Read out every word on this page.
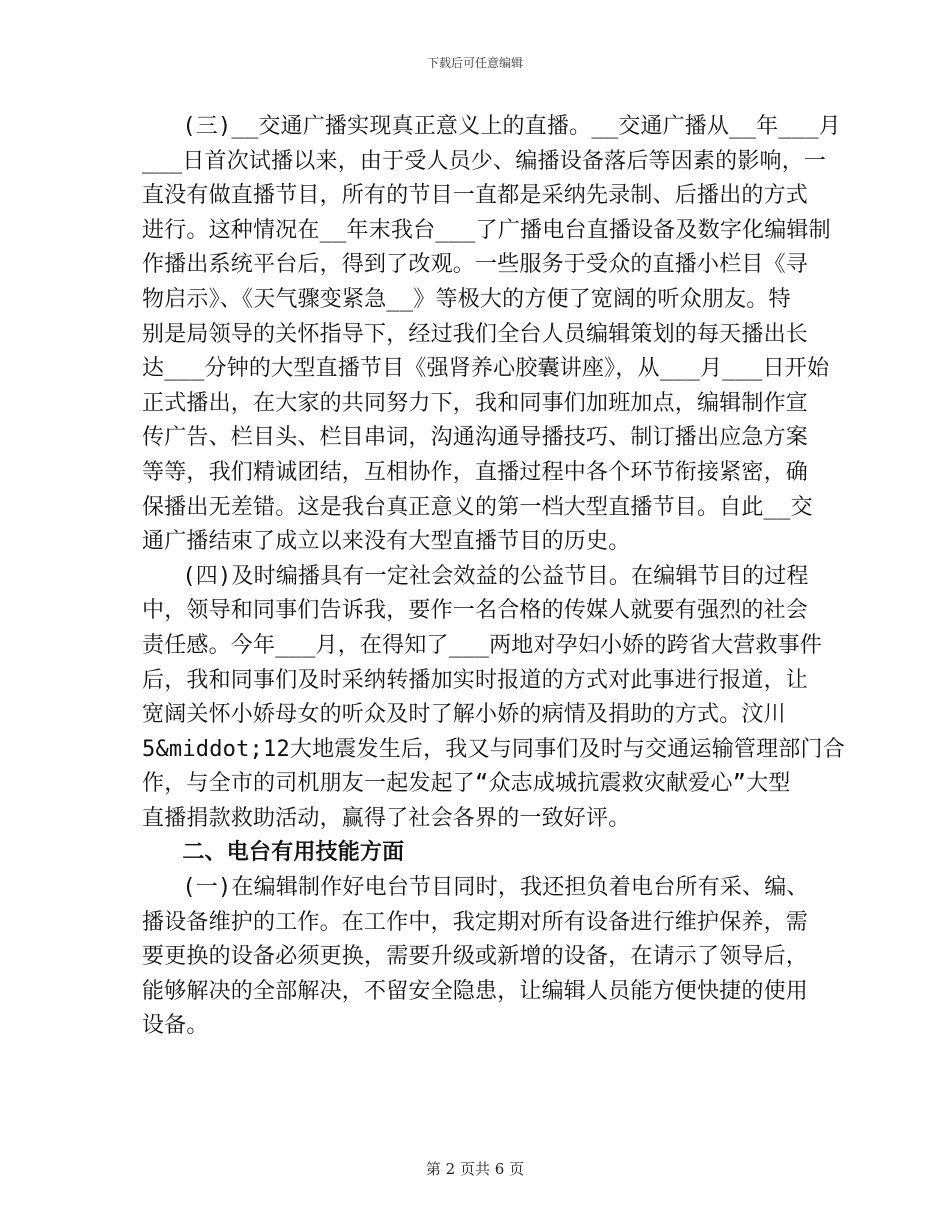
下载后可任意编辑
(三)__交通广播实现真正意义上的直播。__交通广播从__年___月
___日首次试播以来，由于受人员少、编播设备落后等因素的影响，一
直没有做直播节目，所有的节目一直都是采纳先录制、后播出的方式
进行。这种情况在__年末我台___了广播电台直播设备及数字化编辑制
作播出系统平台后，得到了改观。一些服务于受众的直播小栏目《寻
物启示》、《天气骤变紧急__》等极大的方便了宽阔的听众朋友。特
别是局领导的关怀指导下，经过我们全台人员编辑策划的每天播出长
达___分钟的大型直播节目《强肾养心胶囊讲座》，从___月___日开始
正式播出，在大家的共同努力下，我和同事们加班加点，编辑制作宣
传广告、栏目头、栏目串词，沟通沟通导播技巧、制订播出应急方案
等等，我们精诚团结，互相协作，直播过程中各个环节衔接紧密，确
保播出无差错。这是我台真正意义的第一档大型直播节目。自此__交
通广播结束了成立以来没有大型直播节目的历史。
(四)及时编播具有一定社会效益的公益节目。在编辑节目的过程
中，领导和同事们告诉我，要作一名合格的传媒人就要有强烈的社会
责任感。今年___月，在得知了___两地对孕妇小娇的跨省大营救事件
后，我和同事们及时采纳转播加实时报道的方式对此事进行报道，让
宽阔关怀小娇母女的听众及时了解小娇的病情及捐助的方式。汶川
5&middot;12大地震发生后，我又与同事们及时与交通运输管理部门合
作，与全市的司机朋友一起发起了“众志成城抗震救灾献爱心”大型
直播捐款救助活动，赢得了社会各界的一致好评。
二、电台有用技能方面
(一)在编辑制作好电台节目同时，我还担负着电台所有采、编、
播设备维护的工作。在工作中，我定期对所有设备进行维护保养，需
要更换的设备必须更换，需要升级或新增的设备，在请示了领导后，
能够解决的全部解决，不留安全隐患，让编辑人员能方便快捷的使用
设备。
第 2 页共 6 页
